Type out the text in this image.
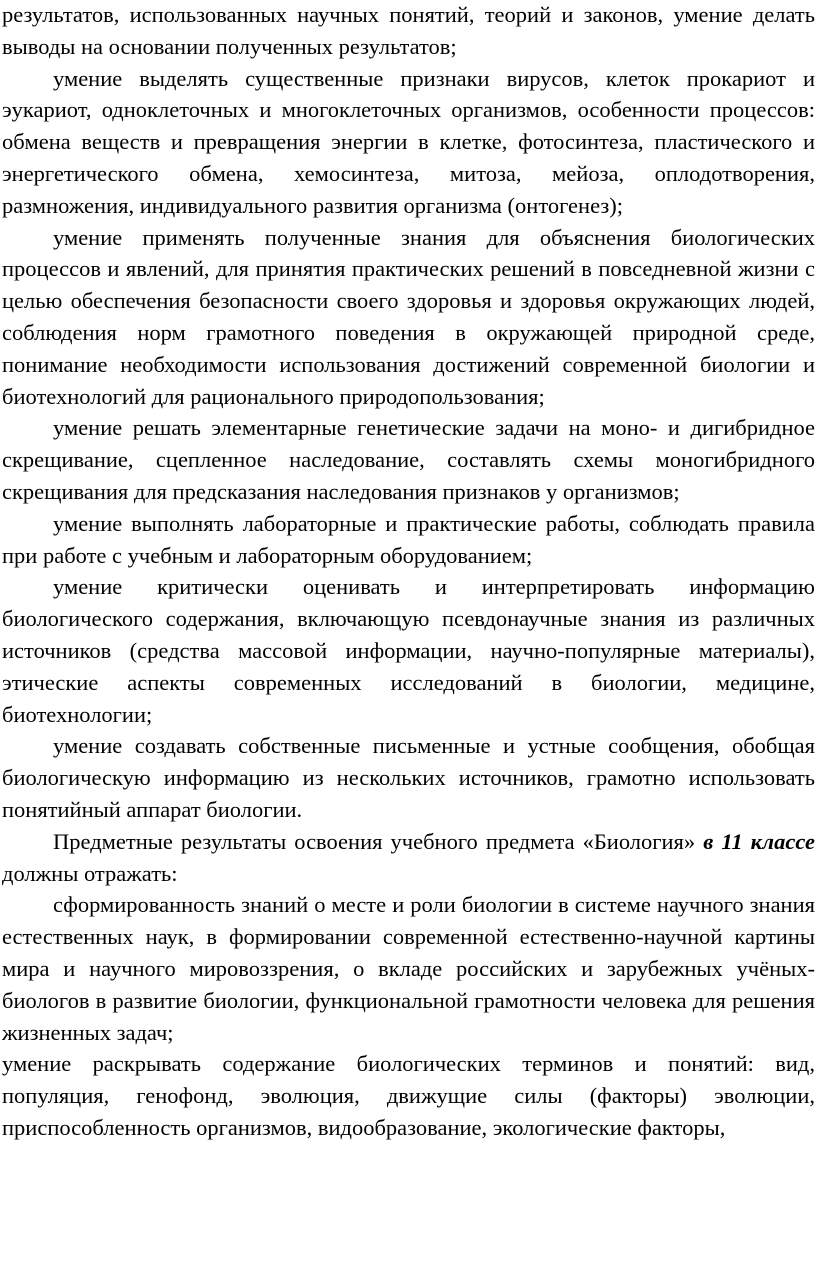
результатов, использованных научных понятий, теорий и законов, умение делать выводы на основании полученных результатов;

умение выделять существенные признаки вирусов, клеток прокариот и эукариот, одноклеточных и многоклеточных организмов, особенности процессов: обмена веществ и превращения энергии в клетке, фотосинтеза, пластического и энергетического обмена, хемосинтеза, митоза, мейоза, оплодотворения, размножения, индивидуального развития организма (онтогенез);

умение применять полученные знания для объяснения биологических процессов и явлений, для принятия практических решений в повседневной жизни с целью обеспечения безопасности своего здоровья и здоровья окружающих людей, соблюдения норм грамотного поведения в окружающей природной среде, понимание необходимости использования достижений современной биологии и биотехнологий для рационального природопользования;

умение решать элементарные генетические задачи на моно- и дигибридное скрещивание, сцепленное наследование, составлять схемы моногибридного скрещивания для предсказания наследования признаков у организмов;

умение выполнять лабораторные и практические работы, соблюдать правила при работе с учебным и лабораторным оборудованием;

умение критически оценивать и интерпретировать информацию биологического содержания, включающую псевдонаучные знания из различных источников (средства массовой информации, научно-популярные материалы), этические аспекты современных исследований в биологии, медицине, биотехнологии;

умение создавать собственные письменные и устные сообщения, обобщая биологическую информацию из нескольких источников, грамотно использовать понятийный аппарат биологии.

Предметные результаты освоения учебного предмета «Биология» в 11 классе должны отражать:

сформированность знаний о месте и роли биологии в системе научного знания естественных наук, в формировании современной естественно-научной картины мира и научного мировоззрения, о вкладе российских и зарубежных учёных-биологов в развитие биологии, функциональной грамотности человека для решения жизненных задач;

умение раскрывать содержание биологических терминов и понятий: вид, популяция, генофонд, эволюция, движущие силы (факторы) эволюции, приспособленность организмов, видообразование, экологические факторы,
